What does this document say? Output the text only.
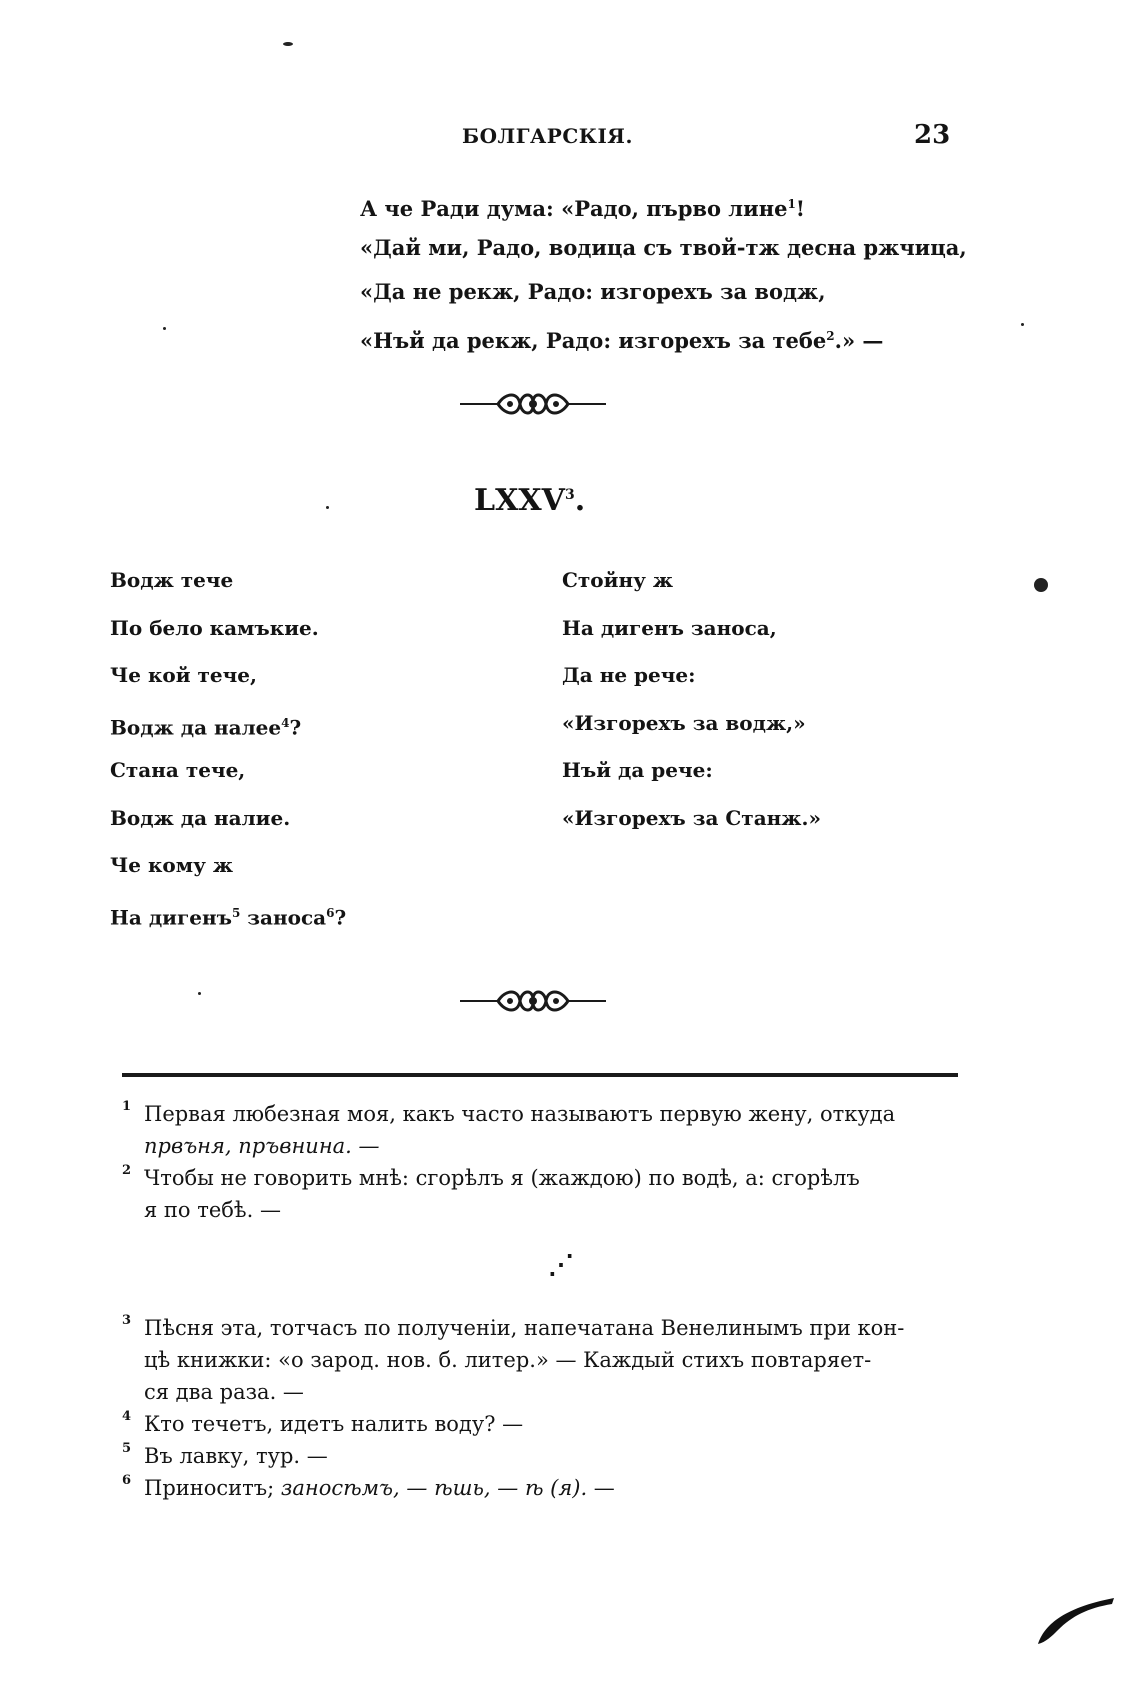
БОЛГАРСКІЯ.	23
А че Ради дума: «Радо, първо лине$^1$!
«Дай ми, Радо, водица съ твой-тж десна ржчица,
«Да не рекж, Радо: изгорехъ за водж,
«Нъй да рекж, Радо: изгорехъ за тебе$^2$.» —
LXXV$^3$.
Водж тече
По бело камъкие.
Че кой тече,
Водж да налее$^4$?
Стана тече,
Водж да налие.
Че кому ж
На дигенъ$^5$ заноса$^6$?
Стойну ж
На дигенъ заноса,
Да не рече:
«Изгорехъ за водж,»
Нъй да рече:
«Изгорехъ за Станж.»
1 Первая любезная моя, какъ часто называютъ первую жену, откуда
првъня, пръвнина. —
2 Чтобы не говорить мнѣ: сгорѣлъ я (жаждою) по водѣ, а: сгорѣлъ
я по тебѣ. —
⋰
3 Пѣсня эта, тотчасъ по полученіи, напечатана Венелинымъ при кон-
цѣ книжки: «о зарод. нов. б. литер.» — Каждый стихъ повтаряет-
ся два раза. —
4 Кто течетъ, идетъ налить воду? —
5 Въ лавку, тур. —
6 Приноситъ; заносѣмъ, — ѣшь, — ѣ (я). —
